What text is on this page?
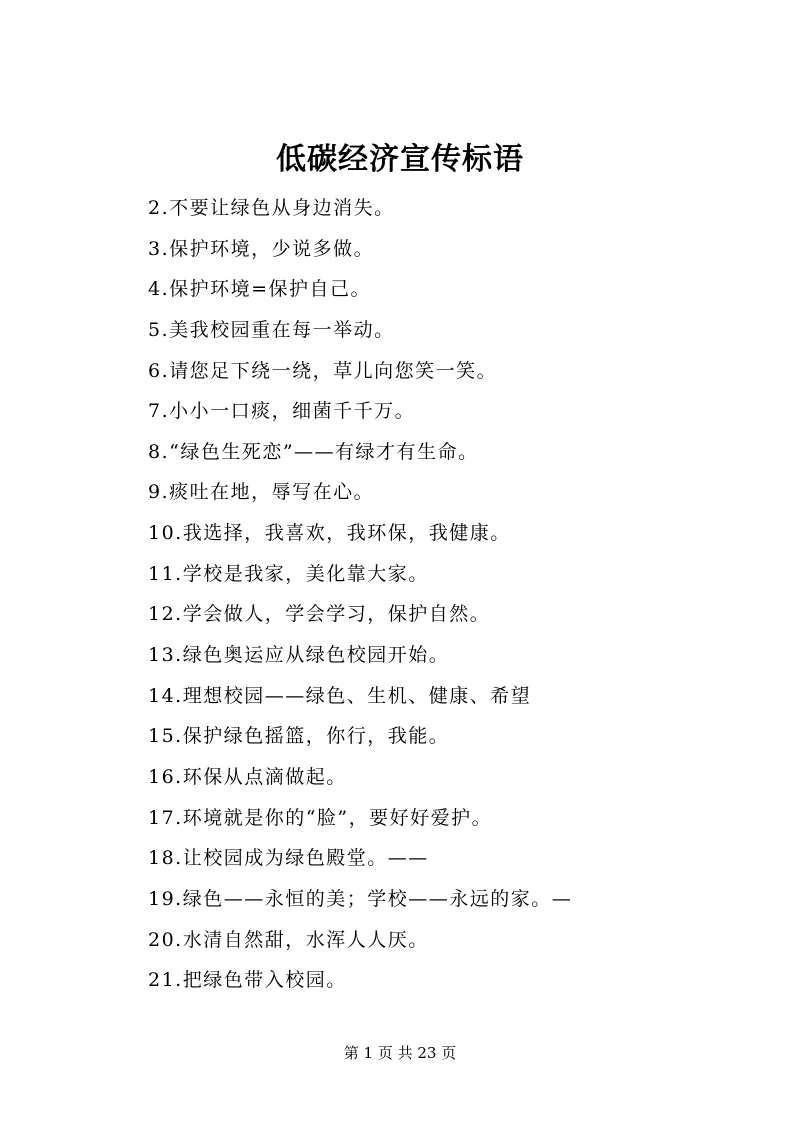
低碳经济宣传标语
2.不要让绿色从身边消失。
3.保护环境，少说多做。
4.保护环境=保护自己。
5.美我校园重在每一举动。
6.请您足下绕一绕，草儿向您笑一笑。
7.小小一口痰，细菌千千万。
8.“绿色生死恋”——有绿才有生命。
9.痰吐在地，辱写在心。
10.我选择，我喜欢，我环保，我健康。
11.学校是我家，美化靠大家。
12.学会做人，学会学习，保护自然。
13.绿色奥运应从绿色校园开始。
14.理想校园——绿色、生机、健康、希望
15.保护绿色摇篮，你行，我能。
16.环保从点滴做起。
17.环境就是你的“脸”，要好好爱护。
18.让校园成为绿色殿堂。——
19.绿色——永恒的美；学校——永远的家。—
20.水清自然甜，水浑人人厌。
21.把绿色带入校园。
第 1 页 共 23 页
